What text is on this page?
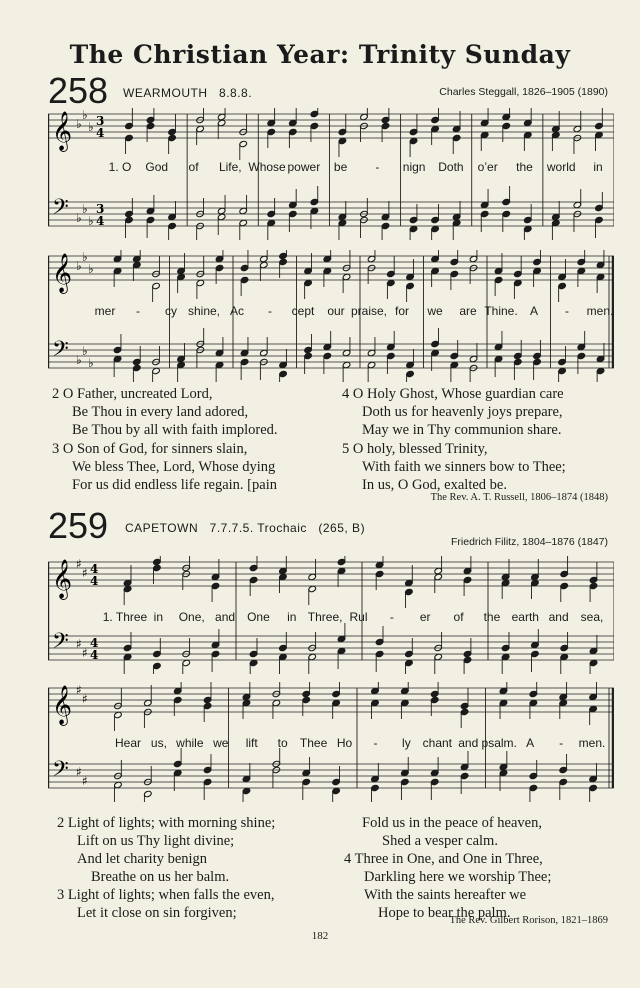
The Christian Year: Trinity Sunday
258 WEARMOUTH 8.8.8.	Charles Steggall, 1826–1905 (1890)
𝄞
𝄢
♭
♭
♭
♭
♭
♭
3
4
3
4
1. O God of Life, Whose power be - nign Doth o’er the world in
𝄞
𝄢
♭
♭
♭
♭
♭
♭
mer - cy shine, Ac - cept our praise, for we are Thine. A - men.
2 O Father, uncreated Lord,
Be Thou in every land adored,
Be Thou by all with faith implored.
3 O Son of God, for sinners slain,
We bless Thee, Lord, Whose dying
For us did endless life regain. [pain
4 O Holy Ghost, Whose guardian care
Doth us for heavenly joys prepare,
May we in Thy communion share.
5 O holy, blessed Trinity,
With faith we sinners bow to Thee;
In us, O God, exalted be.
The Rev. A. T. Russell, 1806–1874 (1848)
259 CAPETOWN 7.7.7.5. Trochaic (265, B)
Friedrich Filitz, 1804–1876 (1847)
𝄞
𝄢
♯
♯
♯
♯
4
4
4
4
1. Three in One, and One in Three, Rul - er of the earth and sea,
𝄞
𝄢
♯
♯
♯
♯
Hear us, while we lift to Thee Ho - ly chant and psalm. A - men.
2 Light of lights; with morning shine;
Lift on us Thy light divine;
And let charity benign
Breathe on us her balm.
3 Light of lights; when falls the even,
Let it close on sin forgiven;
Fold us in the peace of heaven,
Shed a vesper calm.
4 Three in One, and One in Three,
Darkling here we worship Thee;
With the saints hereafter we
Hope to bear the palm.
The Rev. Gilbert Rorison, 1821–1869
182
